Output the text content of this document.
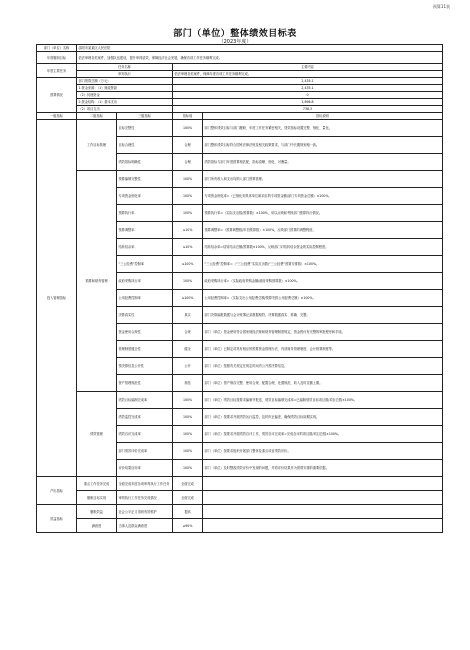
预算11表
部门（单位）整体绩效目标表
（2023年度）
部门（单位）名称	邵阳市某某区人民法院			
年度履职目标	依法审理各类案件，加强队伍建设，提升审判质效，保障经济社会发展，确保各项工作任务顺利完成。			
年度主要任务	任务名称		主要内容	
	审判执行		依法审理各类案件，保障年度各项工作任务顺利完成。	
预算情况	部门预算总额（万元）		2,435.1	
	1.资金来源：（1）财政拨款		2,435.1	
	（2）其他资金		0	
	2.资金结构：（1）基本支出		1,696.8	
	（2）项目支出		738.3	
一级指标	二级指标	三级指标	指标值	指标说明
投入管理指标	工作目标管理	目标完整性	100%	部门整体绩效目标与部门履职、年度工作任务紧密相关，绩效指标设置完整、细化、量化。
		目标合理性	合理	部门整体绩效目标符合国家法律法规及相关政策要求，与部门中长期规划相一致。
		绩效指标明确性	合理	绩效指标与部门年度预算相匹配，指标清晰、细化、可衡量。
	预算和财务管理	预算编制完整性	100%	部门所有收入和支出均纳入部门预算管理。
		专项资金细化率	100%	专项资金细化率=（已细化到具体单位和项目的专项资金额/部门专项资金总额）×100%。
		预算执行率	100%	预算执行率=（实际支出数/预算数）×100%，用以反映和考核部门预算执行情况。
		预算调整率	≤10%	预算调整率=（预算调整数/年初预算数）×100%，反映部门预算的调整程度。
		结转结余率	≤10%	结转结余率=结转结余总额/预算数×100%，反映部门对结转结余资金的实际控制程度。
		“三公经费”控制率	≤100%	“三公经费”控制率=（“三公经费”实际支出数/“三公经费”预算安排数）×100%。
		政府采购执行率	100%	政府采购执行率=（实际政府采购金额/政府采购预算数）×100%。
		公用经费控制率	≤100%	公用经费控制率=（实际支出公用经费总额/预算安排公用经费总额）×100%。
		决算真实性	真实	部门决算编报数据与会计账簿记录数据相符，决算数据真实、准确、完整。
		资金使用合规性	合规	部门（单位）资金使用符合国家财经法规和财务管理制度规定，资金拨付有完整的审批程序和手续。
		管理制度健全性	健全	部门（单位）已制定或具有相应的预算资金管理办法、内部财务管理制度、会计核算制度等。
		预决算信息公开性	公开	部门（单位）按照有关规定在规定时间内公开预决算信息。
		资产管理规范性	规范	部门（单位）资产保存完整、使用合规、配置合理、处置规范、收入及时足额上缴。
	绩效管理	绩效目标编制完成率	100%	部门（单位）绩效目标按要求编制并报送，绩效目标编制完成率=已编制绩效目标项目数/项目总数×100%。
		绩效监控完成率	100%	部门（单位）按要求开展绩效运行监控，及时纠正偏差，确保绩效目标如期实现。
		绩效自评完成率	100%	部门（单位）按要求开展绩效自评工作，绩效自评完成率=完成自评的项目数/项目总数×100%。
		部门绩效评价完成率	100%	部门（单位）按要求组织开展部门整体及重点项目绩效评价。
		评价结果应用率	100%	部门（单位）及时整改绩效评价中发现的问题，并将评价结果作为预算安排的重要依据。
产出指标	重点工作任务完成	全面完成年度各项审判执行工作任务	全面完成	
	履职目标实现	审判执行工作任务完成情况	全面完成	
效益指标	履职效益	社会公平正义得到有效维护	提高	
	满意度	当事人及群众满意度	≥90%	
